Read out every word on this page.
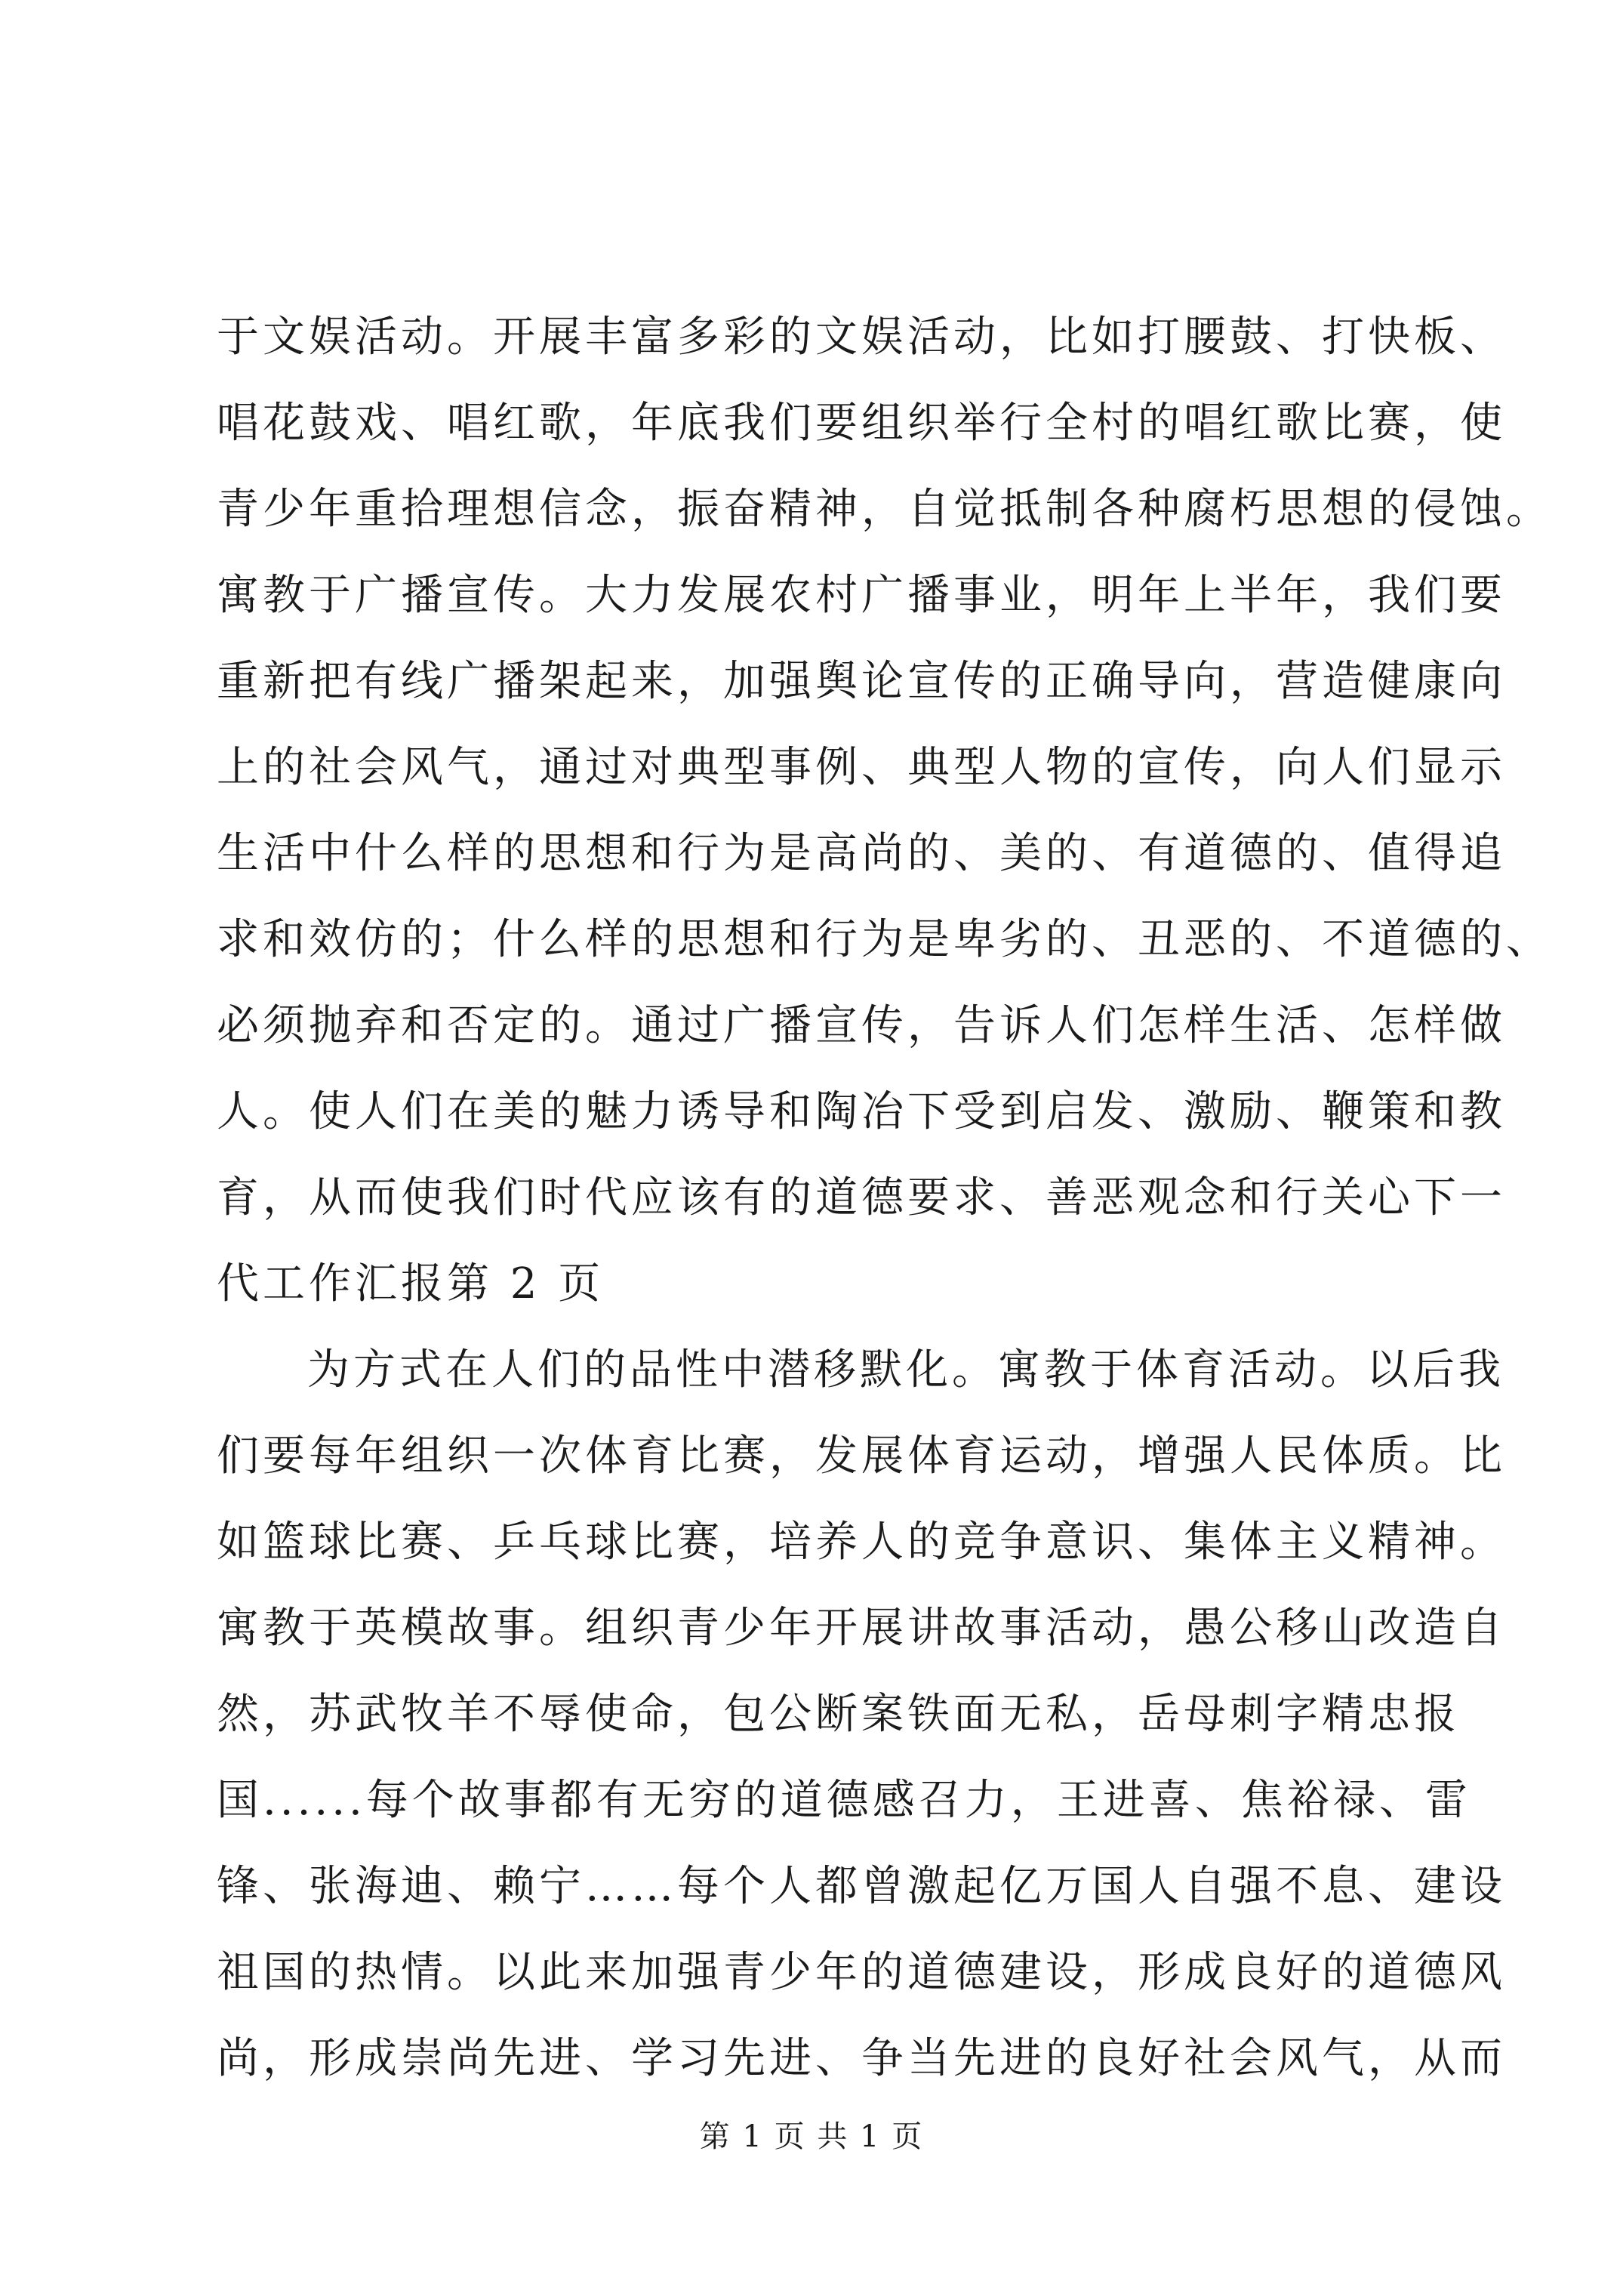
于文娱活动。开展丰富多彩的文娱活动，比如打腰鼓、打快板、
唱花鼓戏、唱红歌，年底我们要组织举行全村的唱红歌比赛，使
青少年重拾理想信念，振奋精神，自觉抵制各种腐朽思想的侵蚀。
寓教于广播宣传。大力发展农村广播事业，明年上半年，我们要
重新把有线广播架起来，加强舆论宣传的正确导向，营造健康向
上的社会风气，通过对典型事例、典型人物的宣传，向人们显示
生活中什么样的思想和行为是高尚的、美的、有道德的、值得追
求和效仿的；什么样的思想和行为是卑劣的、丑恶的、不道德的、
必须抛弃和否定的。通过广播宣传，告诉人们怎样生活、怎样做
人。使人们在美的魅力诱导和陶冶下受到启发、激励、鞭策和教
育，从而使我们时代应该有的道德要求、善恶观念和行关心下一
代工作汇报第 2 页
为方式在人们的品性中潜移默化。寓教于体育活动。以后我
们要每年组织一次体育比赛，发展体育运动，增强人民体质。比
如篮球比赛、乒乓球比赛，培养人的竞争意识、集体主义精神。
寓教于英模故事。组织青少年开展讲故事活动，愚公移山改造自
然，苏武牧羊不辱使命，包公断案铁面无私，岳母刺字精忠报
国......每个故事都有无穷的道德感召力，王进喜、焦裕禄、雷
锋、张海迪、赖宁……每个人都曾激起亿万国人自强不息、建设
祖国的热情。以此来加强青少年的道德建设，形成良好的道德风
尚，形成崇尚先进、学习先进、争当先进的良好社会风气，从而
第 1 页 共 1 页
